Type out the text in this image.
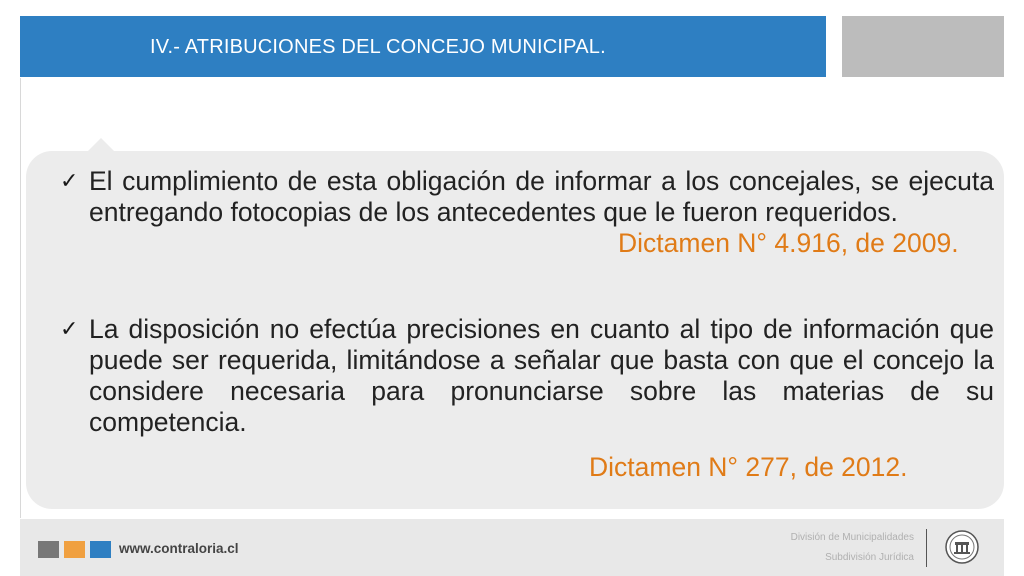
IV.- ATRIBUCIONES DEL CONCEJO MUNICIPAL.
✓ El cumplimiento de esta obligación de informar a los concejales, se ejecuta entregando fotocopias de los antecedentes que le fueron requeridos.
Dictamen N° 4.916, de 2009.
✓ La disposición no efectúa precisiones en cuanto al tipo de información que puede ser requerida, limitándose a señalar que basta con que el concejo la considere necesaria para pronunciarse sobre las materias de su competencia.
Dictamen N° 277, de 2012.
www.contraloria.cl
División de Municipalidades
Subdivisión Jurídica
